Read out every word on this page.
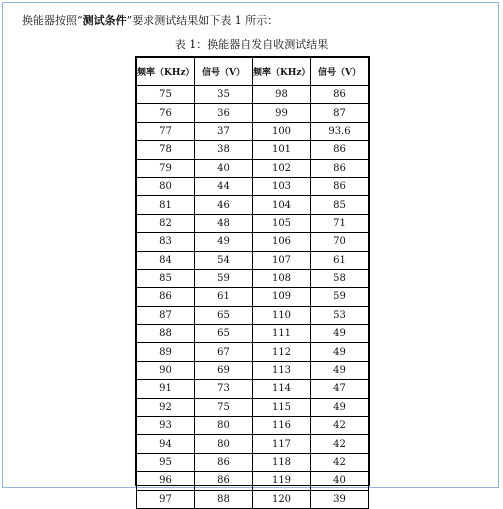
换能器按照“测试条件”要求测试结果如下表 1 所示：
表 1：换能器自发自收测试结果
频率（KHz）	信号（V）	频率（KHz）	信号（V）
75	35	98	86
76	36	99	87
77	37	100	93.6
78	38	101	86
79	40	102	86
80	44	103	86
81	46	104	85
82	48	105	71
83	49	106	70
84	54	107	61
85	59	108	58
86	61	109	59
87	65	110	53
88	65	111	49
89	67	112	49
90	69	113	49
91	73	114	47
92	75	115	49
93	80	116	42
94	80	117	42
95	86	118	42
96	86	119	40
97	88	120	39
